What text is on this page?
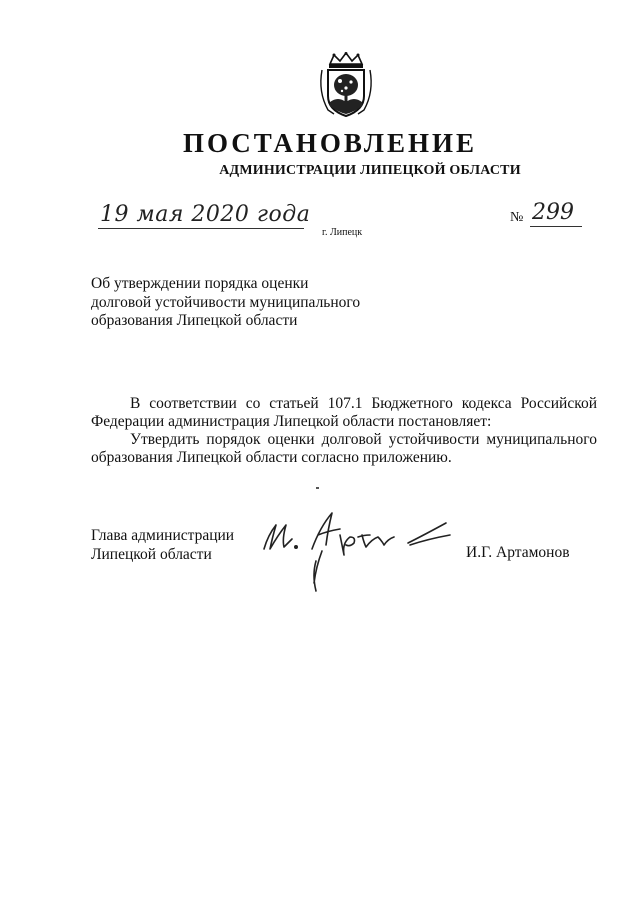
ПОСТАНОВЛЕНИЕ
АДМИНИСТРАЦИИ ЛИПЕЦКОЙ ОБЛАСТИ
19 мая 2020 года
г. Липецк
№ 299
Об утверждении порядка оценки
долговой устойчивости муниципального
образования Липецкой области

В соответствии со статьей 107.1 Бюджетного кодекса Российской Федерации администрация Липецкой области постановляет:

Утвердить порядок оценки долговой устойчивости муниципального образования Липецкой области согласно приложению.

Глава администрации
Липецкой области	И.Г. Артамонов
